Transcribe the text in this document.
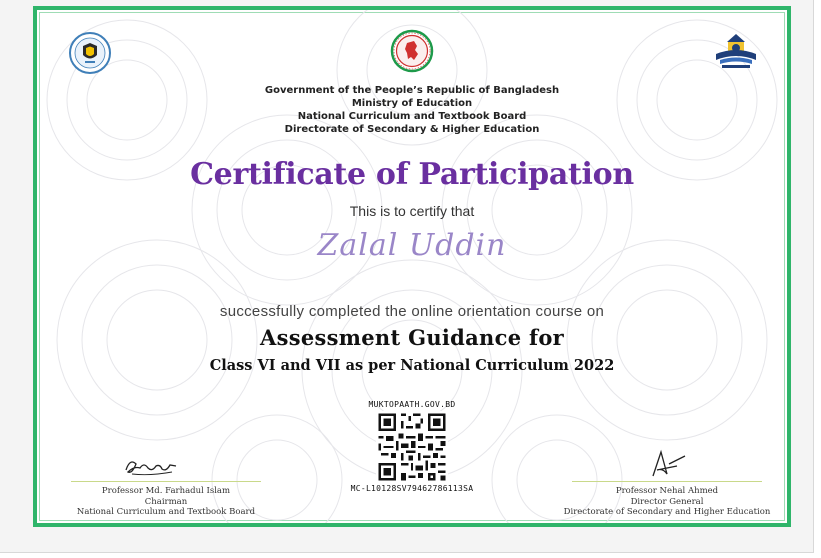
Government of the People’s Republic of Bangladesh
Ministry of Education
National Curriculum and Textbook Board
Directorate of Secondary & Higher Education
Certificate of Participation
This is to certify that
Zalal Uddin
successfully completed the online orientation course on
Assessment Guidance for
Class VI and VII as per National Curriculum 2022
MUKTOPAATH.GOV.BD
MC-L10128SV79462786113SA
Professor Md. Farhadul Islam
Chairman
National Curriculum and Textbook Board
Professor Nehal Ahmed
Director General
Directorate of Secondary and Higher Education
